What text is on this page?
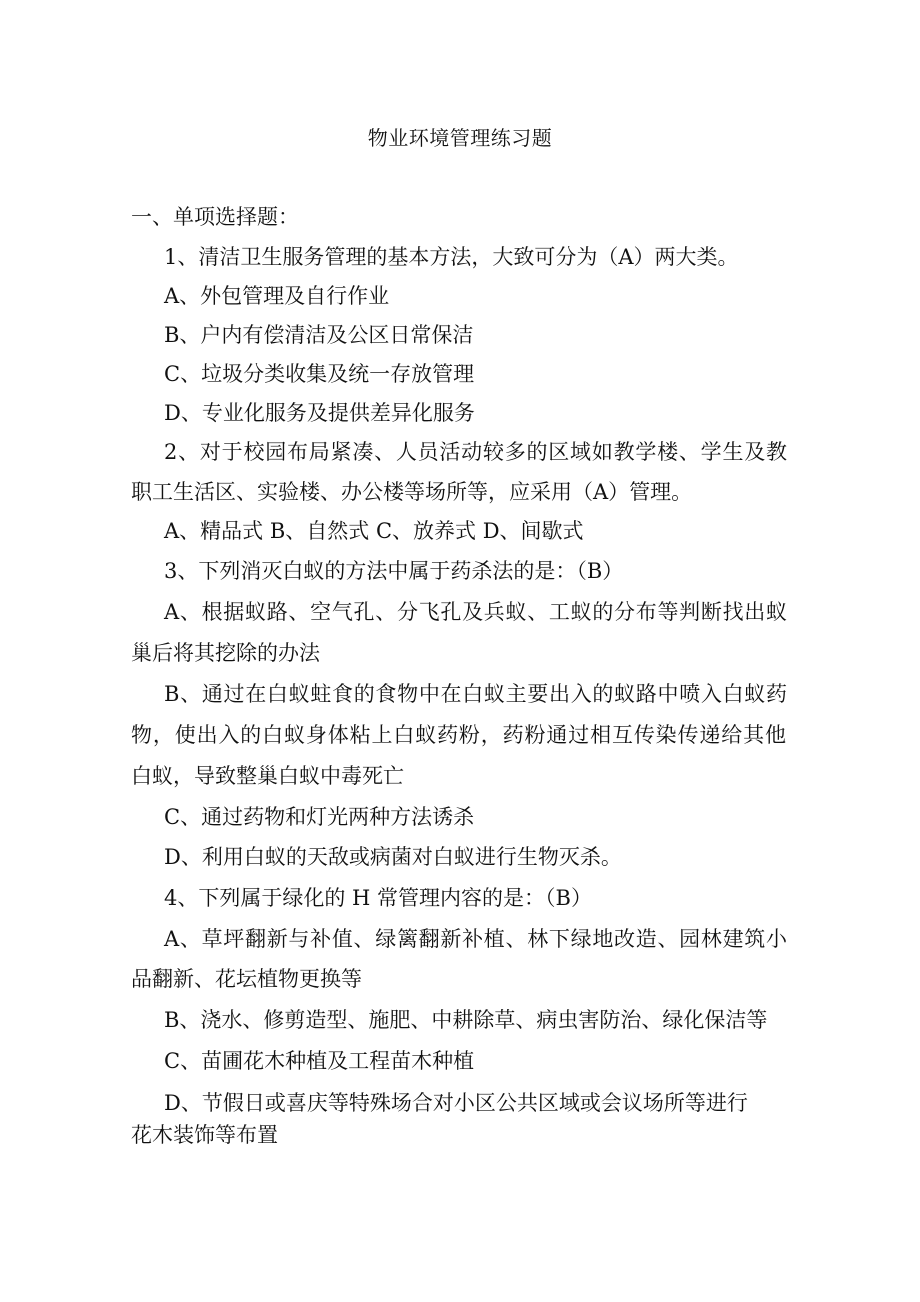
物业环境管理练习题
一、单项选择题：
1、清洁卫生服务管理的基本方法，大致可分为（A）两大类。
A、外包管理及自行作业
B、户内有偿清洁及公区日常保洁
C、垃圾分类收集及统一存放管理
D、专业化服务及提供差异化服务
2、对于校园布局紧凑、人员活动较多的区域如教学楼、学生及教
职工生活区、实验楼、办公楼等场所等，应采用（A）管理。
A、精品式 B、自然式 C、放养式 D、间歇式
3、下列消灭白蚁的方法中属于药杀法的是：（B）
A、根据蚁路、空气孔、分飞孔及兵蚁、工蚁的分布等判断找出蚁
巢后将其挖除的办法
B、通过在白蚁蛀食的食物中在白蚁主要出入的蚁路中喷入白蚁药
物，使出入的白蚁身体粘上白蚁药粉，药粉通过相互传染传递给其他
白蚁，导致整巢白蚁中毒死亡
C、通过药物和灯光两种方法诱杀
D、利用白蚁的天敌或病菌对白蚁进行生物灭杀。
4、下列属于绿化的 H 常管理内容的是：（B）
A、草坪翻新与补值、绿篱翻新补植、林下绿地改造、园林建筑小
品翻新、花坛植物更换等
B、浇水、修剪造型、施肥、中耕除草、病虫害防治、绿化保洁等
C、苗圃花木种植及工程苗木种植
D、节假日或喜庆等特殊场合对小区公共区域或会议场所等进行
花木装饰等布置
